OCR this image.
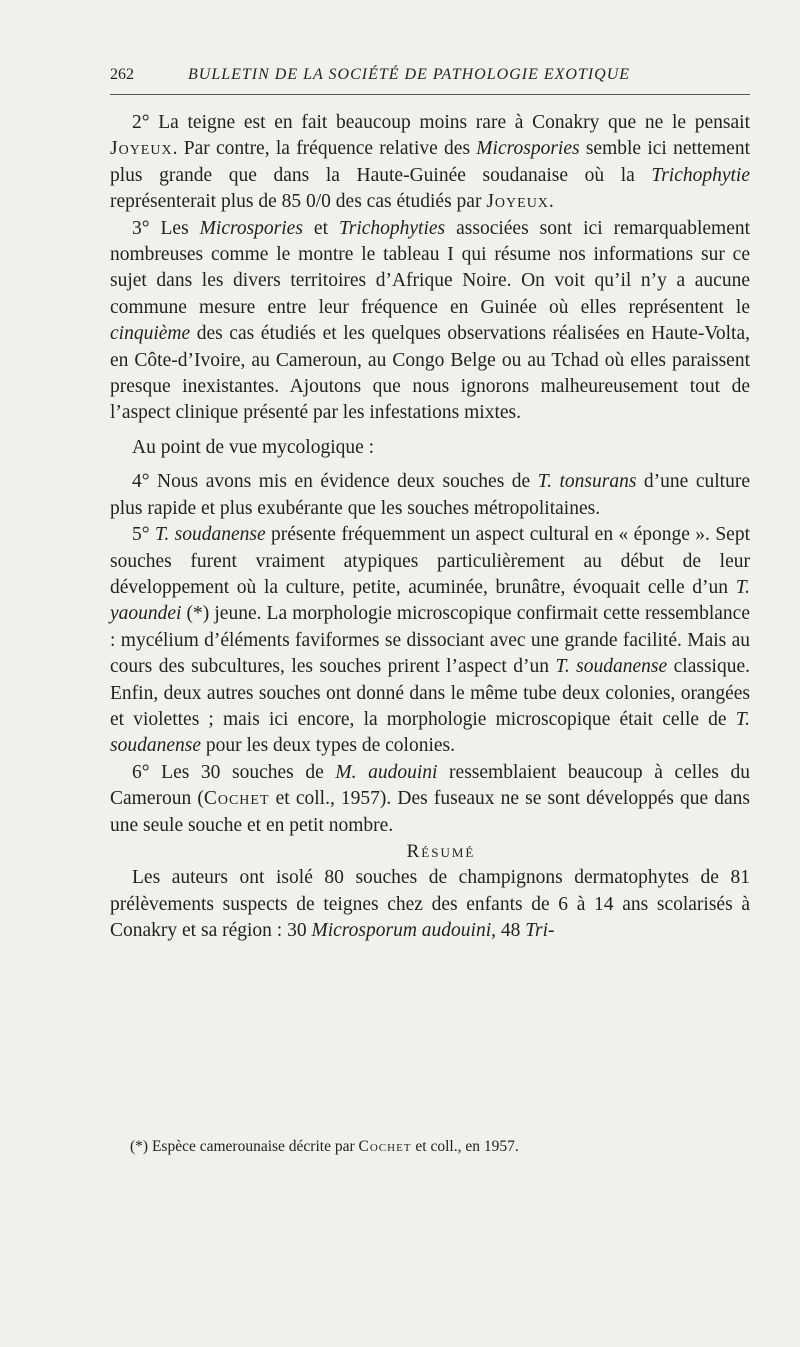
262	BULLETIN DE LA SOCIÉTÉ DE PATHOLOGIE EXOTIQUE

2° La teigne est en fait beaucoup moins rare à Conakry que ne le pensait Joyeux. Par contre, la fréquence relative des Microspories semble ici nettement plus grande que dans la Haute-Guinée soudanaise où la Trichophytie représenterait plus de 85 0/0 des cas étudiés par Joyeux.

3° Les Microspories et Trichophyties associées sont ici remarquablement nombreuses comme le montre le tableau I qui résume nos informations sur ce sujet dans les divers territoires d’Afrique Noire. On voit qu’il n’y a aucune commune mesure entre leur fréquence en Guinée où elles représentent le cinquième des cas étudiés et les quelques observations réalisées en Haute-Volta, en Côte-d’Ivoire, au Cameroun, au Congo Belge ou au Tchad où elles paraissent presque inexistantes. Ajoutons que nous ignorons malheureusement tout de l’aspect clinique présenté par les infestations mixtes.

Au point de vue mycologique :

4° Nous avons mis en évidence deux souches de T. tonsurans d’une culture plus rapide et plus exubérante que les souches métropolitaines.

5° T. soudanense présente fréquemment un aspect cultural en « éponge ». Sept souches furent vraiment atypiques particulièrement au début de leur développement où la culture, petite, acuminée, brunâtre, évoquait celle d’un T. yaoundei (*) jeune. La morphologie microscopique confirmait cette ressemblance : mycélium d’éléments faviformes se dissociant avec une grande facilité. Mais au cours des subcultures, les souches prirent l’aspect d’un T. soudanense classique. Enfin, deux autres souches ont donné dans le même tube deux colonies, orangées et violettes ; mais ici encore, la morphologie microscopique était celle de T. soudanense pour les deux types de colonies.

6° Les 30 souches de M. audouini ressemblaient beaucoup à celles du Cameroun (Cochet et coll., 1957). Des fuseaux ne se sont développés que dans une seule souche et en petit nombre.

Résumé

Les auteurs ont isolé 80 souches de champignons dermatophytes de 81 prélèvements suspects de teignes chez des enfants de 6 à 14 ans scolarisés à Conakry et sa région : 30 Microsporum audouini, 48 Tri-

(*) Espèce camerounaise décrite par Cochet et coll., en 1957.
